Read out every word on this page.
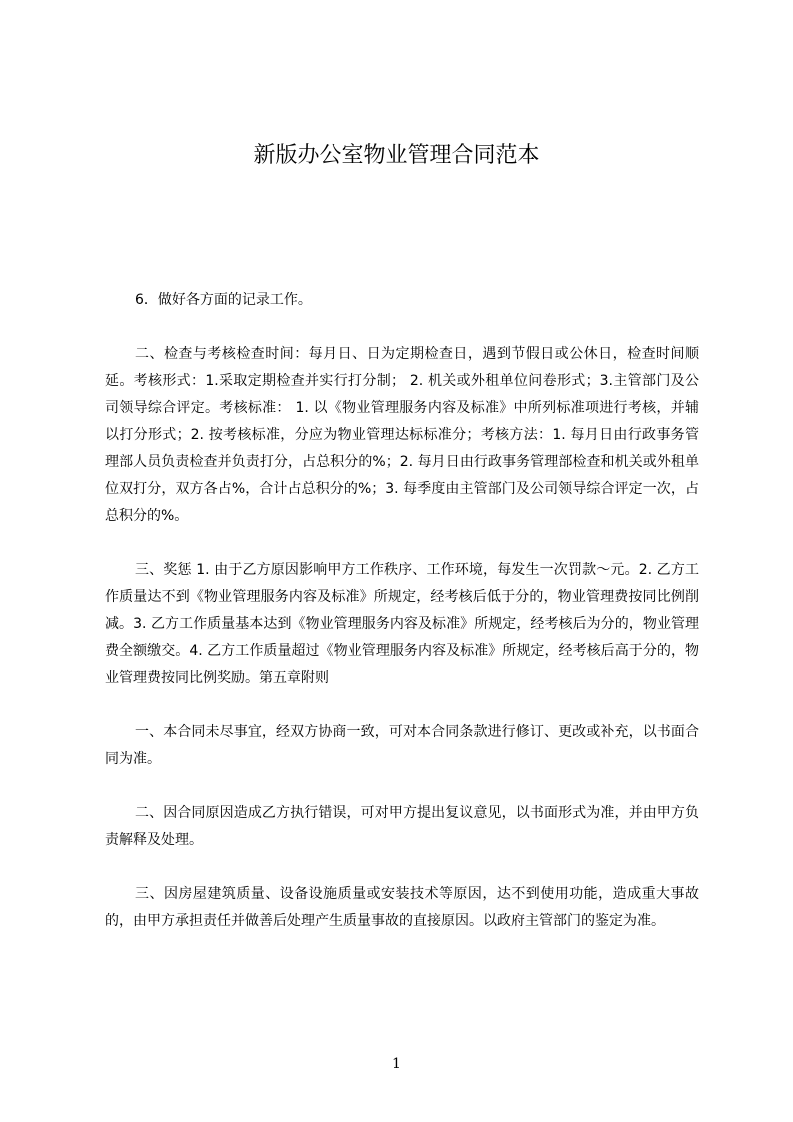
新版办公室物业管理合同范本

6．做好各方面的记录工作。

二、检查与考核检查时间：每月日、日为定期检查日，遇到节假日或公休日，检查时间顺延。考核形式：1.采取定期检查并实行打分制； 2. 机关或外租单位问卷形式；3.主管部门及公司领导综合评定。考核标准： 1. 以《物业管理服务内容及标准》中所列标准项进行考核，并辅以打分形式；2. 按考核标准，分应为物业管理达标标准分；考核方法：1. 每月日由行政事务管理部人员负责检查并负责打分，占总积分的%；2. 每月日由行政事务管理部检查和机关或外租单位双打分，双方各占%，合计占总积分的%；3. 每季度由主管部门及公司领导综合评定一次，占总积分的%。

三、奖惩 1. 由于乙方原因影响甲方工作秩序、工作环境，每发生一次罚款～元。2. 乙方工作质量达不到《物业管理服务内容及标准》所规定，经考核后低于分的，物业管理费按同比例削减。3. 乙方工作质量基本达到《物业管理服务内容及标准》所规定，经考核后为分的，物业管理费全额缴交。4. 乙方工作质量超过《物业管理服务内容及标准》所规定，经考核后高于分的，物业管理费按同比例奖励。第五章附则

一、本合同未尽事宜，经双方协商一致，可对本合同条款进行修订、更改或补充，以书面合同为准。

二、因合同原因造成乙方执行错误，可对甲方提出复议意见，以书面形式为准，并由甲方负责解释及处理。

三、因房屋建筑质量、设备设施质量或安装技术等原因，达不到使用功能，造成重大事故的，由甲方承担责任并做善后处理产生质量事故的直接原因。以政府主管部门的鉴定为准。

1
